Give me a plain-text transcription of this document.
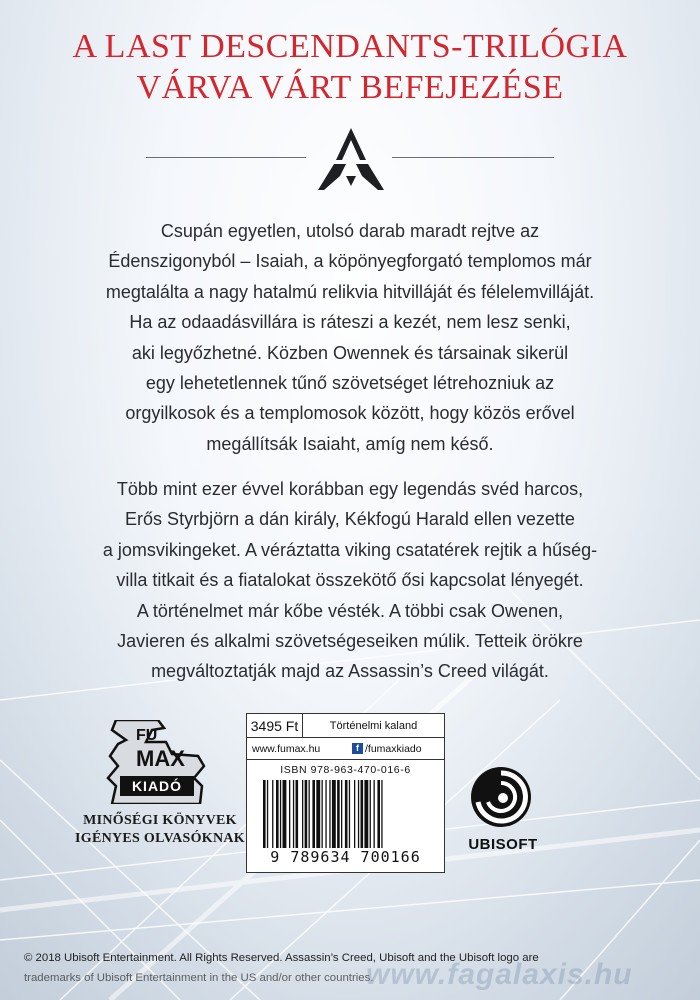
A LAST DESCENDANTS-TRILÓGIA
VÁRVA VÁRT BEFEJEZÉSE

Csupán egyetlen, utolsó darab maradt rejtve az

Édenszigonyból – Isaiah, a köpönyegforgató templomos már

megtalálta a nagy hatalmú relikvia hitvilláját és félelemvilláját.

Ha az odaadásvillára is ráteszi a kezét, nem lesz senki,

aki legyőzhetné. Közben Owennek és társainak sikerül

egy lehetetlennek tűnő szövetséget létrehozniuk az

orgyilkosok és a templomosok között, hogy közös erővel

megállítsák Isaiaht, amíg nem késő.

Több mint ezer évvel korábban egy legendás svéd harcos,

Erős Styrbjörn a dán király, Kékfogú Harald ellen vezette

a jomsvikingeket. A véráztatta viking csatatérek rejtik a hűség-

villa titkait és a fiatalokat összekötő ősi kapcsolat lényegét.

A történelmet már kőbe vésték. A többi csak Owenen,

Javieren és alkalmi szövetségeseiken múlik. Tetteik örökre

megváltoztatják majd az Assassin’s Creed világát.

FU
MAX
KIADÓ
MINŐSÉGI KÖNYVEK
IGÉNYES OLVASÓKNAK
3495 Ft	Történelmi kaland
www.fumax.hu	f /fumaxkiado
ISBN 978-963-470-016-6
9 789634 700166
UBISOFT
© 2018 Ubisoft Entertainment. All Rights Reserved. Assassin’s Creed, Ubisoft and the Ubisoft logo are
trademarks of Ubisoft Entertainment in the US and/or other countries.
www.fagalaxis.hu
